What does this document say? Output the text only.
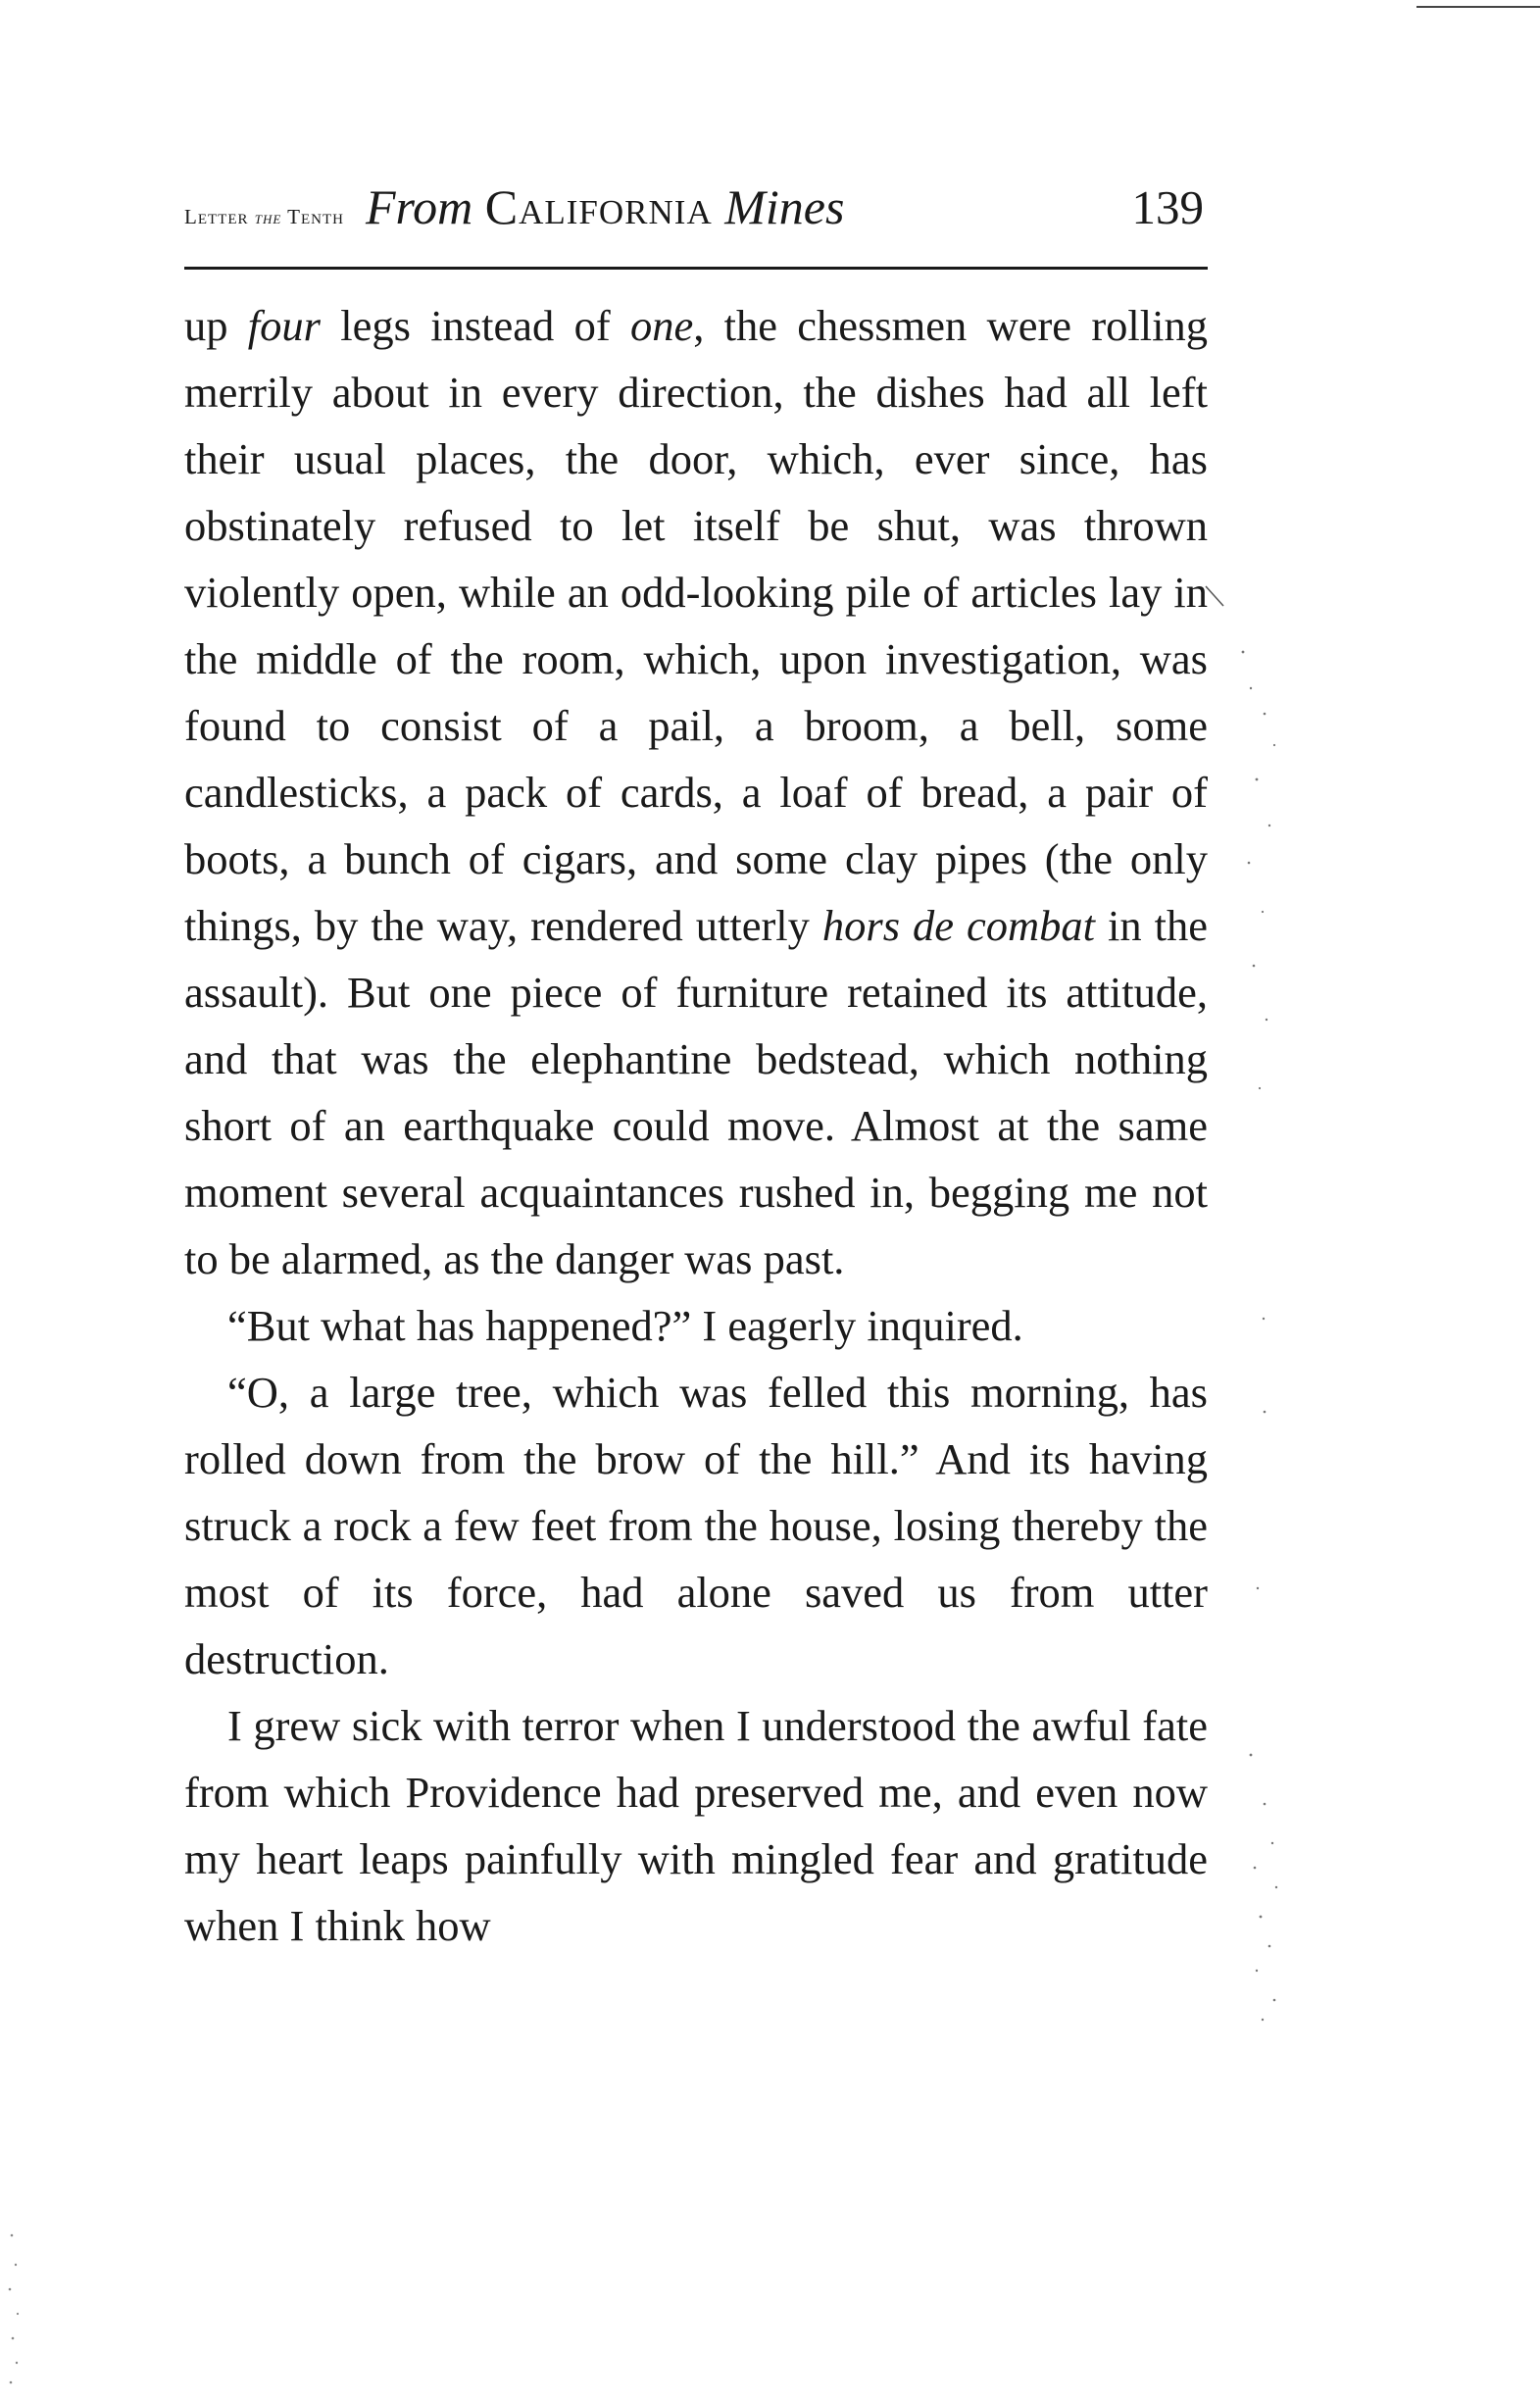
Letter the Tenth From California Mines	139

up four legs instead of one, the chessmen were rolling merrily about in every direction, the dishes had all left their usual places, the door, which, ever since, has obstinately refused to let itself be shut, was thrown violently open, while an odd-looking pile of articles lay in the middle of the room, which, upon investigation, was found to consist of a pail, a broom, a bell, some candlesticks, a pack of cards, a loaf of bread, a pair of boots, a bunch of cigars, and some clay pipes (the only things, by the way, rendered utterly hors de combat in the assault). But one piece of furniture retained its attitude, and that was the elephantine bedstead, which nothing short of an earthquake could move. Almost at the same moment several acquaintances rushed in, begging me not to be alarmed, as the danger was past.

“But what has happened?” I eagerly inquired.

“O, a large tree, which was felled this morning, has rolled down from the brow of the hill.” And its having struck a rock a few feet from the house, losing thereby the most of its force, had alone saved us from utter destruction.

I grew sick with terror when I understood the awful fate from which Providence had preserved me, and even now my heart leaps painfully with mingled fear and gratitude when I think how
